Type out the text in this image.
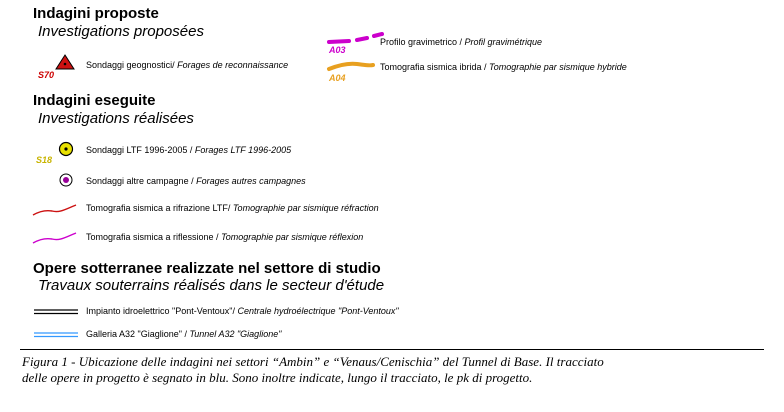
Indagini proposte
Investigations proposées
S70
Sondaggi geognostici/ Forages de reconnaissance
A03
Profilo gravimetrico / Profil gravimétrique
A04
Tomografia sismica ibrida / Tomographie par sismique hybride
Indagini eseguite
Investigations réalisées
S18
Sondaggi LTF 1996-2005 / Forages LTF 1996-2005
Sondaggi altre campagne / Forages autres campagnes
Tomografia sismica a rifrazione LTF/ Tomographie par sismique réfraction
Tomografia sismica a riflessione / Tomographie par sismique réflexion
Opere sotterranee realizzate nel settore di studio
Travaux souterrains réalisés dans le secteur d'étude
Impianto idroelettrico "Pont-Ventoux"/ Centrale hydroélectrique "Pont-Ventoux"
Galleria A32 "Giaglione" / Tunnel A32 "Giaglione"
Figura 1 - Ubicazione delle indagini nei settori “Ambin” e “Venaus/Cenischia” del Tunnel di Base. Il tracciato
delle opere in progetto è segnato in blu. Sono inoltre indicate, lungo il tracciato, le pk di progetto.
